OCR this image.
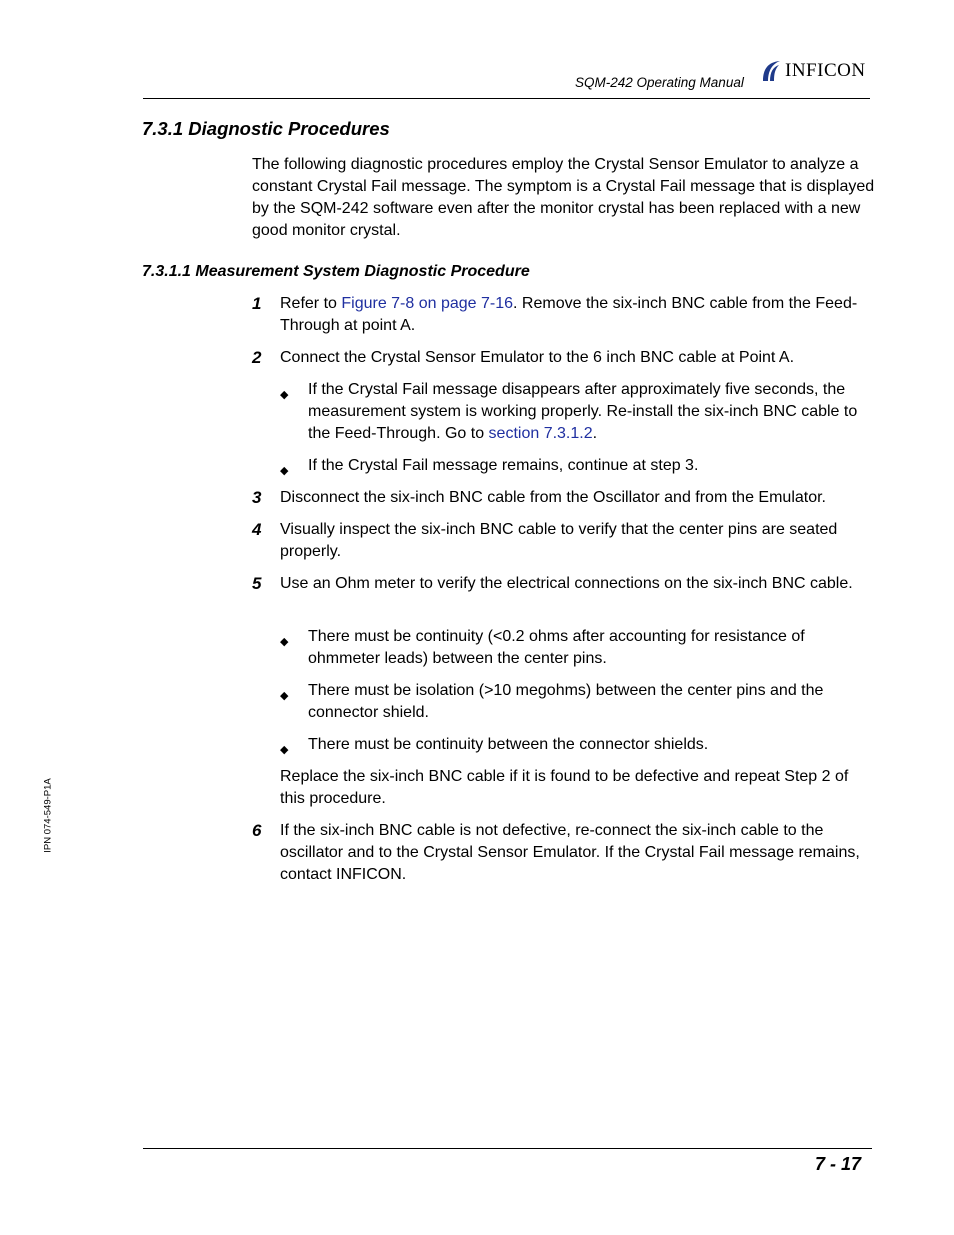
SQM-242 Operating Manual
INFICON
7.3.1 Diagnostic Procedures
The following diagnostic procedures employ the Crystal Sensor Emulator to analyze a constant Crystal Fail message. The symptom is a Crystal Fail message that is displayed by the SQM-242 software even after the monitor crystal has been replaced with a new good monitor crystal.
7.3.1.1 Measurement System Diagnostic Procedure
1 Refer to Figure 7-8 on page 7-16. Remove the six-inch BNC cable from the Feed-Through at point A.
2 Connect the Crystal Sensor Emulator to the 6 inch BNC cable at Point A.
◆ If the Crystal Fail message disappears after approximately five seconds, the measurement system is working properly. Re-install the six-inch BNC cable to the Feed-Through. Go to section 7.3.1.2.
◆ If the Crystal Fail message remains, continue at step 3.
3 Disconnect the six-inch BNC cable from the Oscillator and from the Emulator.
4 Visually inspect the six-inch BNC cable to verify that the center pins are seated properly.
5 Use an Ohm meter to verify the electrical connections on the six-inch BNC cable.
◆ There must be continuity (<0.2 ohms after accounting for resistance of ohmmeter leads) between the center pins.
◆ There must be isolation (>10 megohms) between the center pins and the connector shield.
◆ There must be continuity between the connector shields.
Replace the six-inch BNC cable if it is found to be defective and repeat Step 2 of this procedure.
6 If the six-inch BNC cable is not defective, re-connect the six-inch cable to the oscillator and to the Crystal Sensor Emulator. If the Crystal Fail message remains, contact INFICON.
IPN 074-549-P1A
7 - 17
